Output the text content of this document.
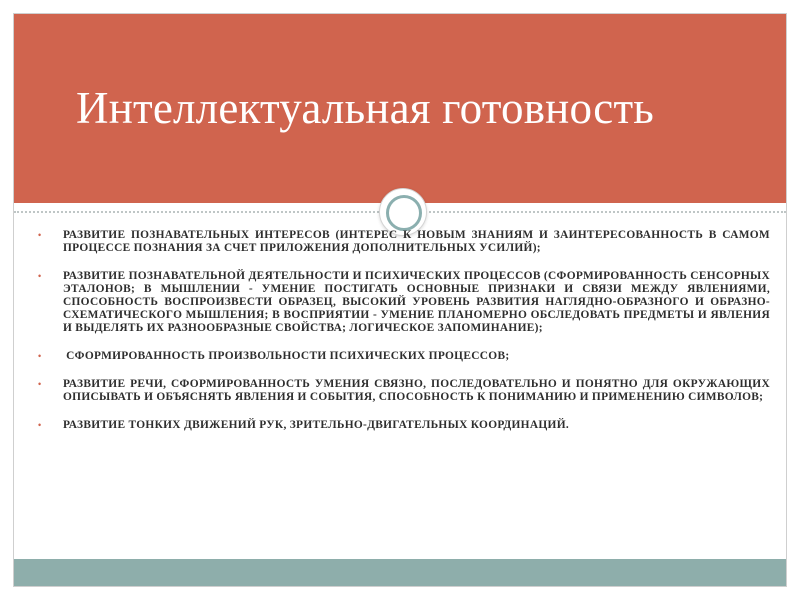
Интеллектуальная готовность
• РАЗВИТИЕ ПОЗНАВАТЕЛЬНЫХ ИНТЕРЕСОВ (ИНТЕРЕС К НОВЫМ ЗНАНИЯМ И ЗАИНТЕРЕСОВАННОСТЬ В САМОМ ПРОЦЕССЕ ПОЗНАНИЯ ЗА СЧЕТ ПРИЛОЖЕНИЯ ДОПОЛНИТЕЛЬНЫХ УСИЛИЙ);
• РАЗВИТИЕ ПОЗНАВАТЕЛЬНОЙ ДЕЯТЕЛЬНОСТИ И ПСИХИЧЕСКИХ ПРОЦЕССОВ (СФОРМИРОВАННОСТЬ СЕНСОРНЫХ ЭТАЛОНОВ; В МЫШЛЕНИИ - УМЕНИЕ ПОСТИГАТЬ ОСНОВНЫЕ ПРИЗНАКИ И СВЯЗИ МЕЖДУ ЯВЛЕНИЯМИ, СПОСОБНОСТЬ ВОСПРОИЗВЕСТИ ОБРАЗЕЦ, ВЫСОКИЙ УРОВЕНЬ РАЗВИТИЯ НАГЛЯДНО-ОБРАЗНОГО И ОБРАЗНО-СХЕМАТИЧЕСКОГО МЫШЛЕНИЯ; В ВОСПРИЯТИИ - УМЕНИЕ ПЛАНОМЕРНО ОБСЛЕДОВАТЬ ПРЕДМЕТЫ И ЯВЛЕНИЯ И ВЫДЕЛЯТЬ ИХ РАЗНООБРАЗНЫЕ СВОЙСТВА; ЛОГИЧЕСКОЕ ЗАПОМИНАНИЕ);
• СФОРМИРОВАННОСТЬ ПРОИЗВОЛЬНОСТИ ПСИХИЧЕСКИХ ПРОЦЕССОВ;
• РАЗВИТИЕ РЕЧИ, СФОРМИРОВАННОСТЬ УМЕНИЯ СВЯЗНО, ПОСЛЕДОВАТЕЛЬНО И ПОНЯТНО ДЛЯ ОКРУЖАЮЩИХ ОПИСЫВАТЬ И ОБЪЯСНЯТЬ ЯВЛЕНИЯ И СОБЫТИЯ, СПОСОБНОСТЬ К ПОНИМАНИЮ И ПРИМЕНЕНИЮ СИМВОЛОВ;
• РАЗВИТИЕ ТОНКИХ ДВИЖЕНИЙ РУК, ЗРИТЕЛЬНО-ДВИГАТЕЛЬНЫХ КООРДИНАЦИЙ.
